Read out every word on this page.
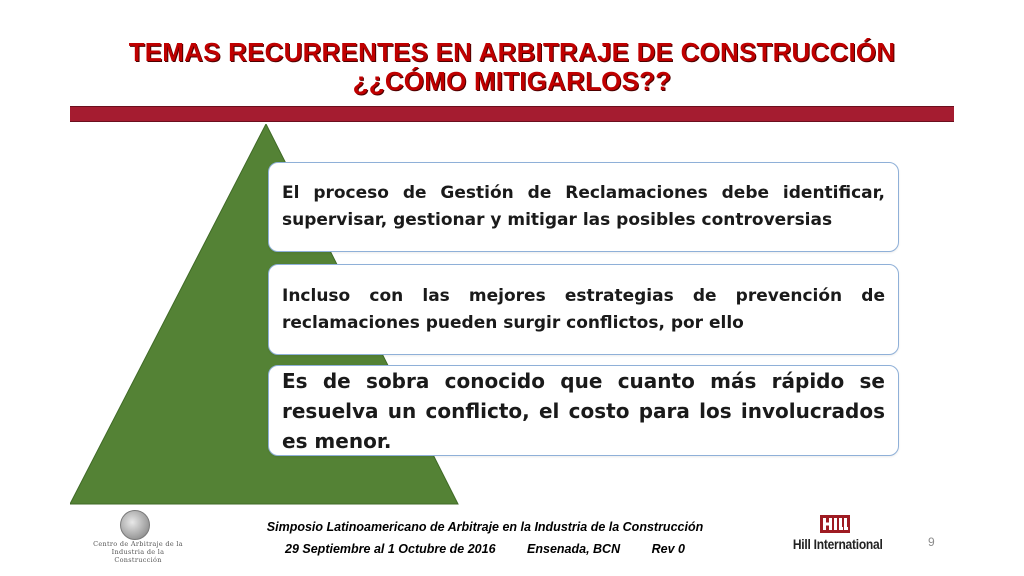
TEMAS RECURRENTES EN ARBITRAJE DE CONSTRUCCIÓN
¿¿CÓMO MITIGARLOS??
El proceso de Gestión de Reclamaciones debe identificar, supervisar, gestionar y mitigar las posibles controversias
Incluso con las mejores estrategias de prevención de reclamaciones pueden surgir conflictos, por ello
Es de sobra conocido que cuanto más rápido se resuelva un conflicto, el costo para los involucrados es menor.
Centro de Arbitraje de la
Industria de la Construcción
Simposio Latinoamericano de Arbitraje en la Industria de la Construcción
29 Septiembre al 1 Octubre de 2016	Ensenada, BCN	Rev 0	9
Hill International
